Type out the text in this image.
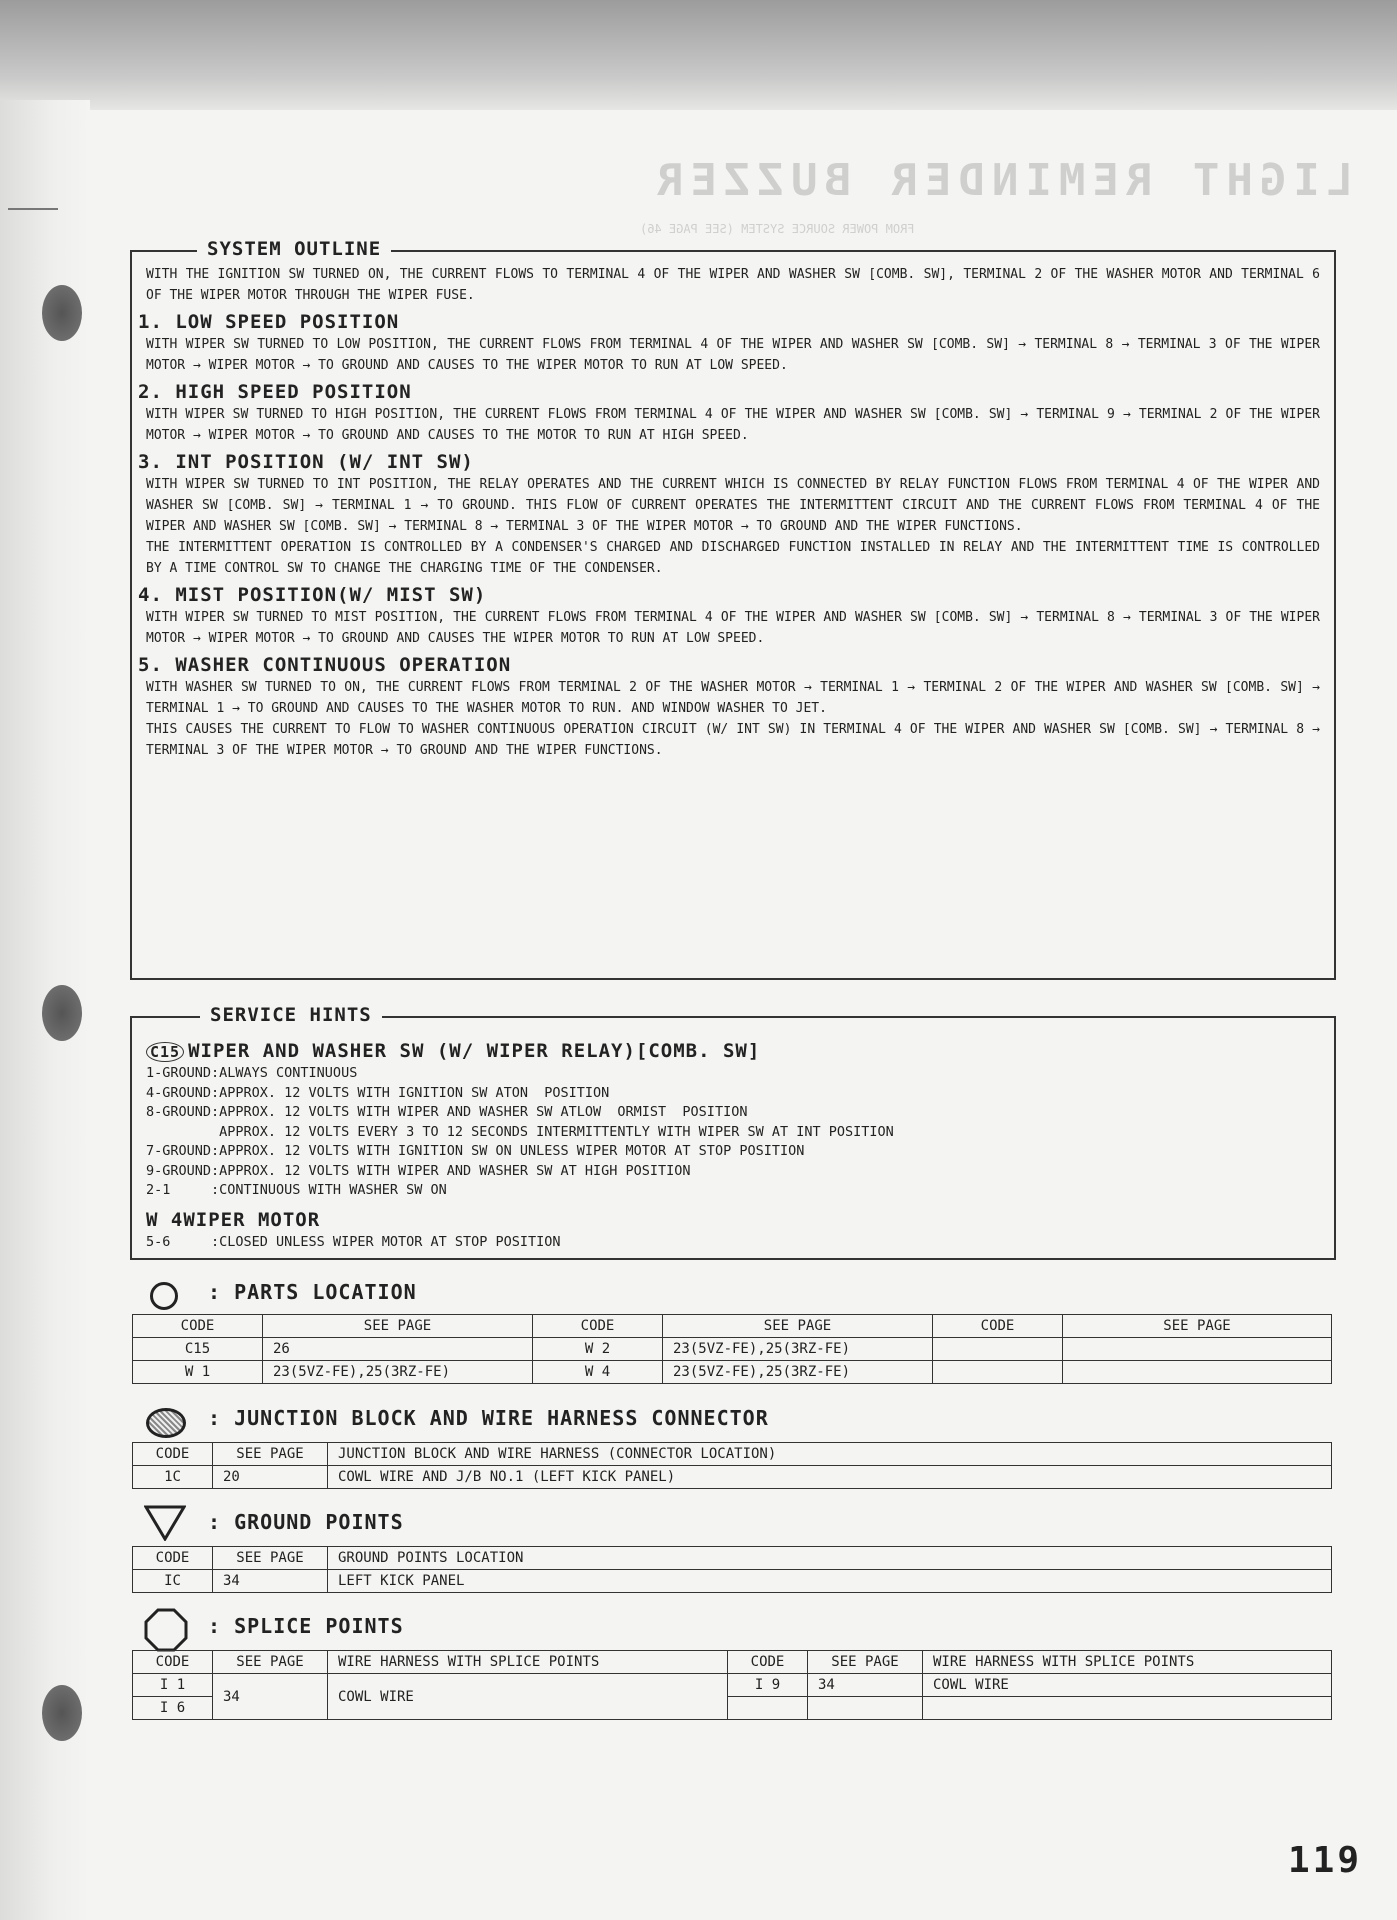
LIGHT REMINDER BUZZER
FROM POWER SOURCE SYSTEM (SEE PAGE 46)
SYSTEM OUTLINE

WITH THE IGNITION SW TURNED ON, THE CURRENT FLOWS TO TERMINAL 4 OF THE WIPER AND WASHER SW [COMB. SW], TERMINAL 2 OF THE WASHER MOTOR AND TERMINAL 6 OF THE WIPER MOTOR THROUGH THE WIPER FUSE.

1. LOW SPEED POSITION

WITH WIPER SW TURNED TO LOW POSITION, THE CURRENT FLOWS FROM TERMINAL 4 OF THE WIPER AND WASHER SW [COMB. SW] → TERMINAL 8 → TERMINAL 3 OF THE WIPER MOTOR → WIPER MOTOR → TO GROUND AND CAUSES TO THE WIPER MOTOR TO RUN AT LOW SPEED.

2. HIGH SPEED POSITION

WITH WIPER SW TURNED TO HIGH POSITION, THE CURRENT FLOWS FROM TERMINAL 4 OF THE WIPER AND WASHER SW [COMB. SW] → TERMINAL 9 → TERMINAL 2 OF THE WIPER MOTOR → WIPER MOTOR → TO GROUND AND CAUSES TO THE MOTOR TO RUN AT HIGH SPEED.

3. INT POSITION (W/ INT SW)

WITH WIPER SW TURNED TO INT POSITION, THE RELAY OPERATES AND THE CURRENT WHICH IS CONNECTED BY RELAY FUNCTION FLOWS FROM TERMINAL 4 OF THE WIPER AND WASHER SW [COMB. SW] → TERMINAL 1 → TO GROUND. THIS FLOW OF CURRENT OPERATES THE INTERMITTENT CIRCUIT AND THE CURRENT FLOWS FROM TERMINAL 4 OF THE WIPER AND WASHER SW [COMB. SW] → TERMINAL 8 → TERMINAL 3 OF THE WIPER MOTOR → TO GROUND AND THE WIPER FUNCTIONS.

THE INTERMITTENT OPERATION IS CONTROLLED BY A CONDENSER'S CHARGED AND DISCHARGED FUNCTION INSTALLED IN RELAY AND THE INTERMITTENT TIME IS CONTROLLED BY A TIME CONTROL SW TO CHANGE THE CHARGING TIME OF THE CONDENSER.

4. MIST POSITION(W/ MIST SW)

WITH WIPER SW TURNED TO MIST POSITION, THE CURRENT FLOWS FROM TERMINAL 4 OF THE WIPER AND WASHER SW [COMB. SW] → TERMINAL 8 → TERMINAL 3 OF THE WIPER MOTOR → WIPER MOTOR → TO GROUND AND CAUSES THE WIPER MOTOR TO RUN AT LOW SPEED.

5. WASHER CONTINUOUS OPERATION

WITH WASHER SW TURNED TO ON, THE CURRENT FLOWS FROM TERMINAL 2 OF THE WASHER MOTOR → TERMINAL 1 → TERMINAL 2 OF THE WIPER AND WASHER SW [COMB. SW] → TERMINAL 1 → TO GROUND AND CAUSES TO THE WASHER MOTOR TO RUN. AND WINDOW WASHER TO JET.

THIS CAUSES THE CURRENT TO FLOW TO WASHER CONTINUOUS OPERATION CIRCUIT (W/ INT SW) IN TERMINAL 4 OF THE WIPER AND WASHER SW [COMB. SW] → TERMINAL 8 → TERMINAL 3 OF THE WIPER MOTOR → TO GROUND AND THE WIPER FUNCTIONS.

SERVICE HINTS
C15 WIPER AND WASHER SW (W/ WIPER RELAY)[COMB. SW]

1-GROUND:ALWAYS CONTINUOUS

4-GROUND:APPROX. 12 VOLTS WITH IGNITION SW ATON  POSITION

8-GROUND:APPROX. 12 VOLTS WITH WIPER AND WASHER SW ATLOW  ORMIST  POSITION

APPROX. 12 VOLTS EVERY 3 TO 12 SECONDS INTERMITTENTLY WITH WIPER SW AT INT POSITION

7-GROUND:APPROX. 12 VOLTS WITH IGNITION SW ON UNLESS WIPER MOTOR AT STOP POSITION

9-GROUND:APPROX. 12 VOLTS WITH WIPER AND WASHER SW AT HIGH POSITION

2-1     :CONTINUOUS WITH WASHER SW ON

W 4WIPER MOTOR

5-6     :CLOSED UNLESS WIPER MOTOR AT STOP POSITION

: PARTS LOCATION
CODE	SEE PAGE	CODE	SEE PAGE	CODE	SEE PAGE
C15	26	W 2	23(5VZ-FE),25(3RZ-FE)		
W 1	23(5VZ-FE),25(3RZ-FE)	W 4	23(5VZ-FE),25(3RZ-FE)		
: JUNCTION BLOCK AND WIRE HARNESS CONNECTOR
CODE	SEE PAGE	JUNCTION BLOCK AND WIRE HARNESS (CONNECTOR LOCATION)
1C	20	COWL WIRE AND J/B NO.1 (LEFT KICK PANEL)
: GROUND POINTS
CODE	SEE PAGE	GROUND POINTS LOCATION
IC	34	LEFT KICK PANEL
: SPLICE POINTS
CODE	SEE PAGE	WIRE HARNESS WITH SPLICE POINTS	CODE	SEE PAGE	WIRE HARNESS WITH SPLICE POINTS
I 1	34	COWL WIRE	I 9	34	COWL WIRE
I 6					
119
